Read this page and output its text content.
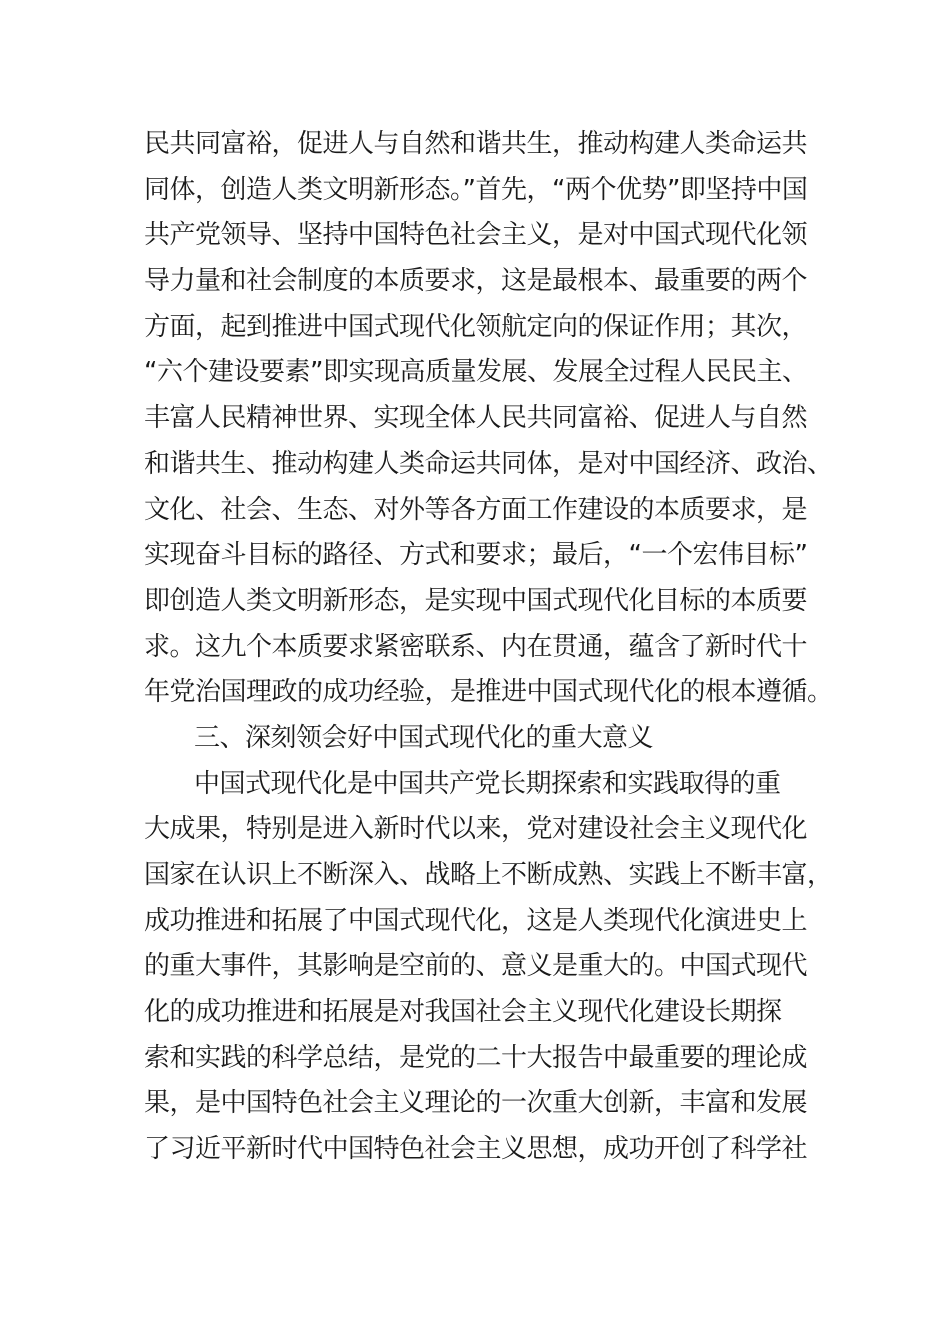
民共同富裕，促进人与自然和谐共生，推动构建人类命运共
同体，创造人类文明新形态。”首先，“两个优势”即坚持中国
共产党领导、坚持中国特色社会主义，是对中国式现代化领
导力量和社会制度的本质要求，这是最根本、最重要的两个
方面，起到推进中国式现代化领航定向的保证作用；其次，
“六个建设要素”即实现高质量发展、发展全过程人民民主、
丰富人民精神世界、实现全体人民共同富裕、促进人与自然
和谐共生、推动构建人类命运共同体，是对中国经济、政治、
文化、社会、生态、对外等各方面工作建设的本质要求，是
实现奋斗目标的路径、方式和要求；最后，“一个宏伟目标”
即创造人类文明新形态，是实现中国式现代化目标的本质要
求。这九个本质要求紧密联系、内在贯通，蕴含了新时代十
年党治国理政的成功经验，是推进中国式现代化的根本遵循。
三、深刻领会好中国式现代化的重大意义
中国式现代化是中国共产党长期探索和实践取得的重
大成果，特别是进入新时代以来，党对建设社会主义现代化
国家在认识上不断深入、战略上不断成熟、实践上不断丰富，
成功推进和拓展了中国式现代化，这是人类现代化演进史上
的重大事件，其影响是空前的、意义是重大的。中国式现代
化的成功推进和拓展是对我国社会主义现代化建设长期探
索和实践的科学总结，是党的二十大报告中最重要的理论成
果，是中国特色社会主义理论的一次重大创新，丰富和发展
了习近平新时代中国特色社会主义思想，成功开创了科学社
